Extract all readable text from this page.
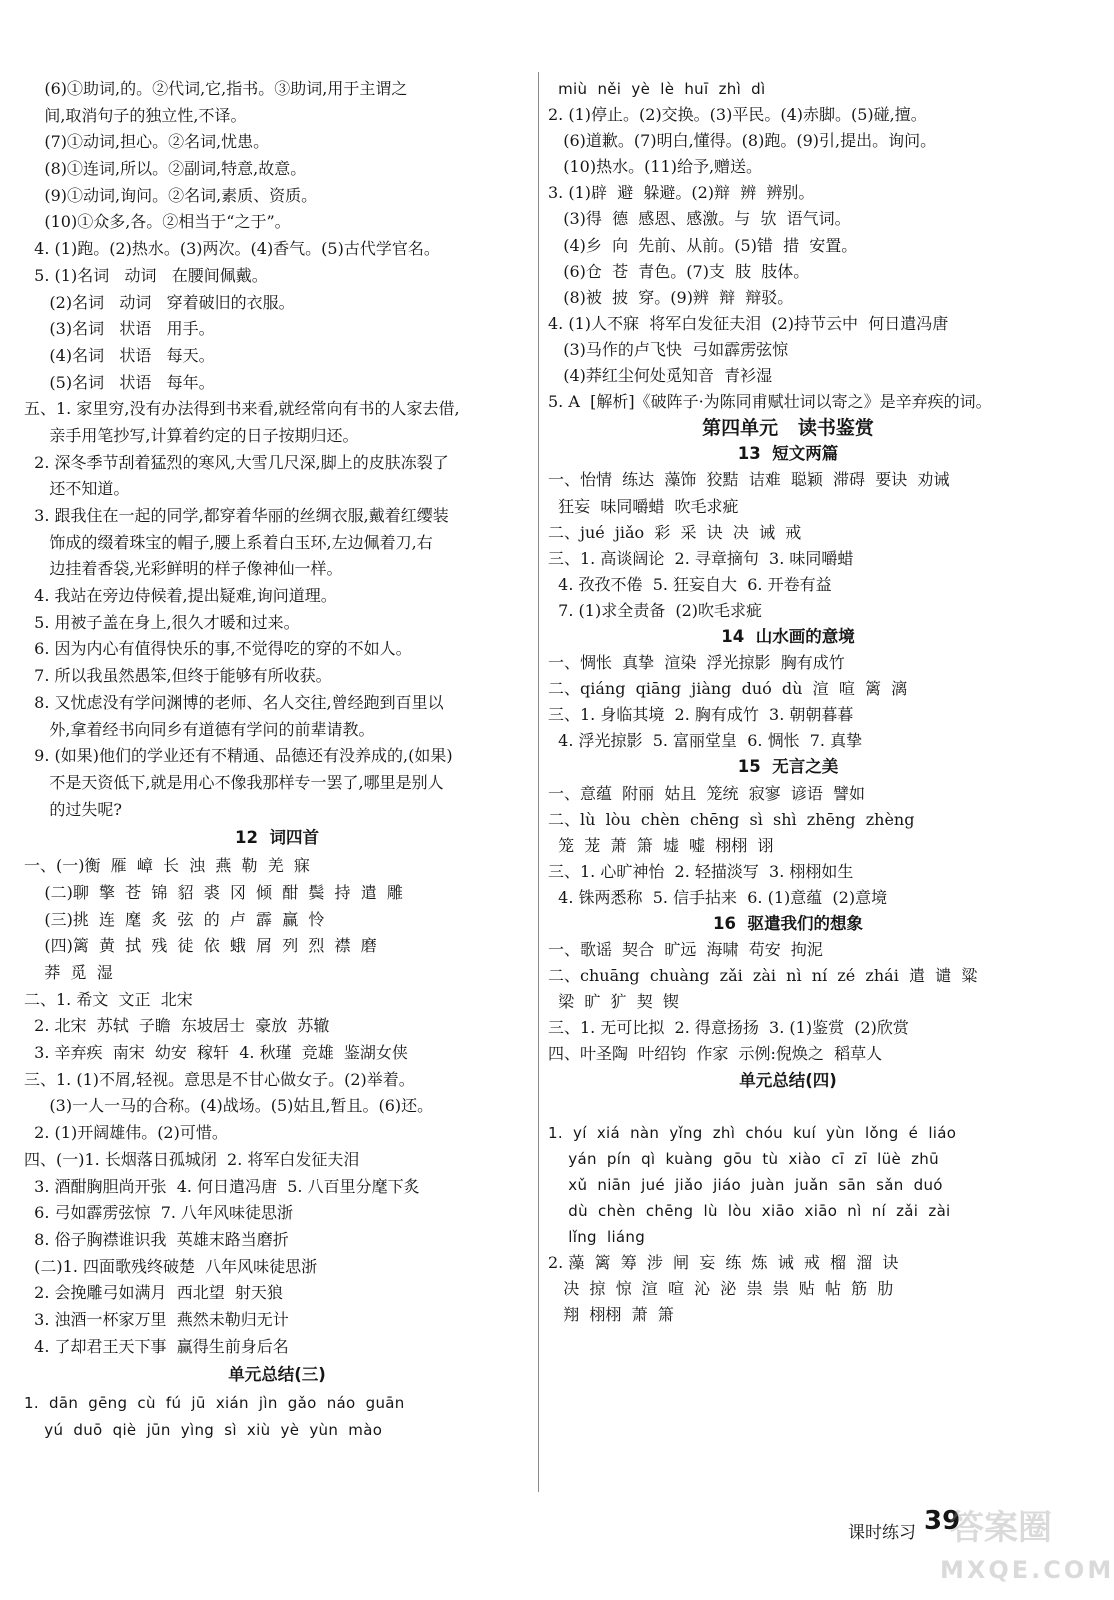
(6)①助词,的。②代词,它,指书。③助词,用于主谓之
间,取消句子的独立性,不译。
(7)①动词,担心。②名词,忧患。
(8)①连词,所以。②副词,特意,故意。
(9)①动词,询问。②名词,素质、资质。
(10)①众多,各。②相当于“之于”。
4. (1)跑。(2)热水。(3)两次。(4)香气。(5)古代学官名。
5. (1)名词   动词   在腰间佩戴。
(2)名词   动词   穿着破旧的衣服。
(3)名词   状语   用手。
(4)名词   状语   每天。
(5)名词   状语   每年。
五、1. 家里穷,没有办法得到书来看,就经常向有书的人家去借,
亲手用笔抄写,计算着约定的日子按期归还。
2. 深冬季节刮着猛烈的寒风,大雪几尺深,脚上的皮肤冻裂了
还不知道。
3. 跟我住在一起的同学,都穿着华丽的丝绸衣服,戴着红缨装
饰成的缀着珠宝的帽子,腰上系着白玉环,左边佩着刀,右
边挂着香袋,光彩鲜明的样子像神仙一样。
4. 我站在旁边侍候着,提出疑难,询问道理。
5. 用被子盖在身上,很久才暖和过来。
6. 因为内心有值得快乐的事,不觉得吃的穿的不如人。
7. 所以我虽然愚笨,但终于能够有所收获。
8. 又忧虑没有学问渊博的老师、名人交往,曾经跑到百里以
外,拿着经书向同乡有道德有学问的前辈请教。
9. (如果)他们的学业还有不精通、品德还有没养成的,(如果)
不是天资低下,就是用心不像我那样专一罢了,哪里是别人
的过失呢?
12  词四首
一、(一)衡  雁  嶂  长  浊  燕  勒  羌  寐
(二)聊  擎  苍  锦  貂  裘  冈  倾  酣  鬓  持  遣  雕
(三)挑  连  麾  炙  弦  的  卢  霹  赢  怜
(四)篱  黄  拭  残  徒  依  蛾  屑  列  烈  襟  磨
莽  觅  湿
二、1. 希文  文正  北宋
2. 北宋  苏轼  子瞻  东坡居士  豪放  苏辙
3. 辛弃疾  南宋  幼安  稼轩  4. 秋瑾  竞雄  鉴湖女侠
三、1. (1)不屑,轻视。意思是不甘心做女子。(2)举着。
(3)一人一马的合称。(4)战场。(5)姑且,暂且。(6)还。
2. (1)开阔雄伟。(2)可惜。
四、(一)1. 长烟落日孤城闭  2. 将军白发征夫泪
3. 酒酣胸胆尚开张  4. 何日遣冯唐  5. 八百里分麾下炙
6. 弓如霹雳弦惊  7. 八年风味徒思浙
8. 俗子胸襟谁识我  英雄末路当磨折
(二)1. 四面歌残终破楚  八年风味徒思浙
2. 会挽雕弓如满月  西北望  射天狼
3. 浊酒一杯家万里  燕然未勒归无计
4. 了却君王天下事  赢得生前身后名
单元总结(三)
1.  dān  gēng  cù  fú  jū  xián  jìn  gǎo  náo  guān
yú  duō  qiè  jūn  yìng  sì  xiù  yè  yùn  mào
miù  něi  yè  lè  huī  zhì  dì
2. (1)停止。(2)交换。(3)平民。(4)赤脚。(5)碰,擅。
(6)道歉。(7)明白,懂得。(8)跑。(9)引,提出。询问。
(10)热水。(11)给予,赠送。
3. (1)辟  避  躲避。(2)辩  辨  辨别。
(3)得  德  感恩、感激。与  欤  语气词。
(4)乡  向  先前、从前。(5)错  措  安置。
(6)仓  苍  青色。(7)支  肢  肢体。
(8)被  披  穿。(9)辨  辩  辩驳。
4. (1)人不寐  将军白发征夫泪  (2)持节云中  何日遣冯唐
(3)马作的卢飞快  弓如霹雳弦惊
(4)莽红尘何处觅知音  青衫湿
5. A  [解析]《破阵子·为陈同甫赋壮词以寄之》是辛弃疾的词。
第四单元   读书鉴赏
13  短文两篇
一、怡情  练达  藻饰  狡黠  诘难  聪颖  滞碍  要诀  劝诫
狂妄  味同嚼蜡  吹毛求疵
二、jué  jiǎo  彩  采  诀  决  诫  戒
三、1. 高谈阔论  2. 寻章摘句  3. 味同嚼蜡
4. 孜孜不倦  5. 狂妄自大  6. 开卷有益
7. (1)求全责备  (2)吹毛求疵
14  山水画的意境
一、惆怅  真挚  渲染  浮光掠影  胸有成竹
二、qiáng  qiāng  jiàng  duó  dù  渲  喧  篱  漓
三、1. 身临其境  2. 胸有成竹  3. 朝朝暮暮
4. 浮光掠影  5. 富丽堂皇  6. 惆怅  7. 真挚
15  无言之美
一、意蕴  附丽  姑且  笼统  寂寥  谚语  譬如
二、lù  lòu  chèn  chēng  sì  shì  zhēng  zhèng
笼  茏  萧  箫  墟  嘘  栩栩  诩
三、1. 心旷神怡  2. 轻描淡写  3. 栩栩如生
4. 铢两悉称  5. 信手拈来  6. (1)意蕴  (2)意境
16  驱遣我们的想象
一、歌谣  契合  旷远  海啸  苟安  拘泥
二、chuāng  chuàng  zǎi  zài  nì  ní  zé  zhái  遣  谴  粱
梁  旷  犷  契  锲
三、1. 无可比拟  2. 得意扬扬  3. (1)鉴赏  (2)欣赏
四、叶圣陶  叶绍钧  作家  示例:倪焕之  稻草人
单元总结(四)
1.  yí  xiá  nàn  yǐng  zhì  chóu  kuí  yùn  lǒng  é  liáo
yán  pín  qì  kuàng  gōu  tù  xiào  cī  zī  lüè  zhū
xǔ  niān  jué  jiǎo  jiáo  juàn  juǎn  sān  sǎn  duó
dù  chèn  chēng  lù  lòu  xiāo  xiāo  nì  ní  zǎi  zài
lǐng  liáng
2. 藻  篱  筹  涉  闸  妄  练  炼  诫  戒  榴  溜  诀
决  掠  惊  渲  喧  沁  泌  祟  祟  贴  帖  筋  肋
翔  栩栩  萧  箫
课时练习 39
答案圈
MXQE.COM
